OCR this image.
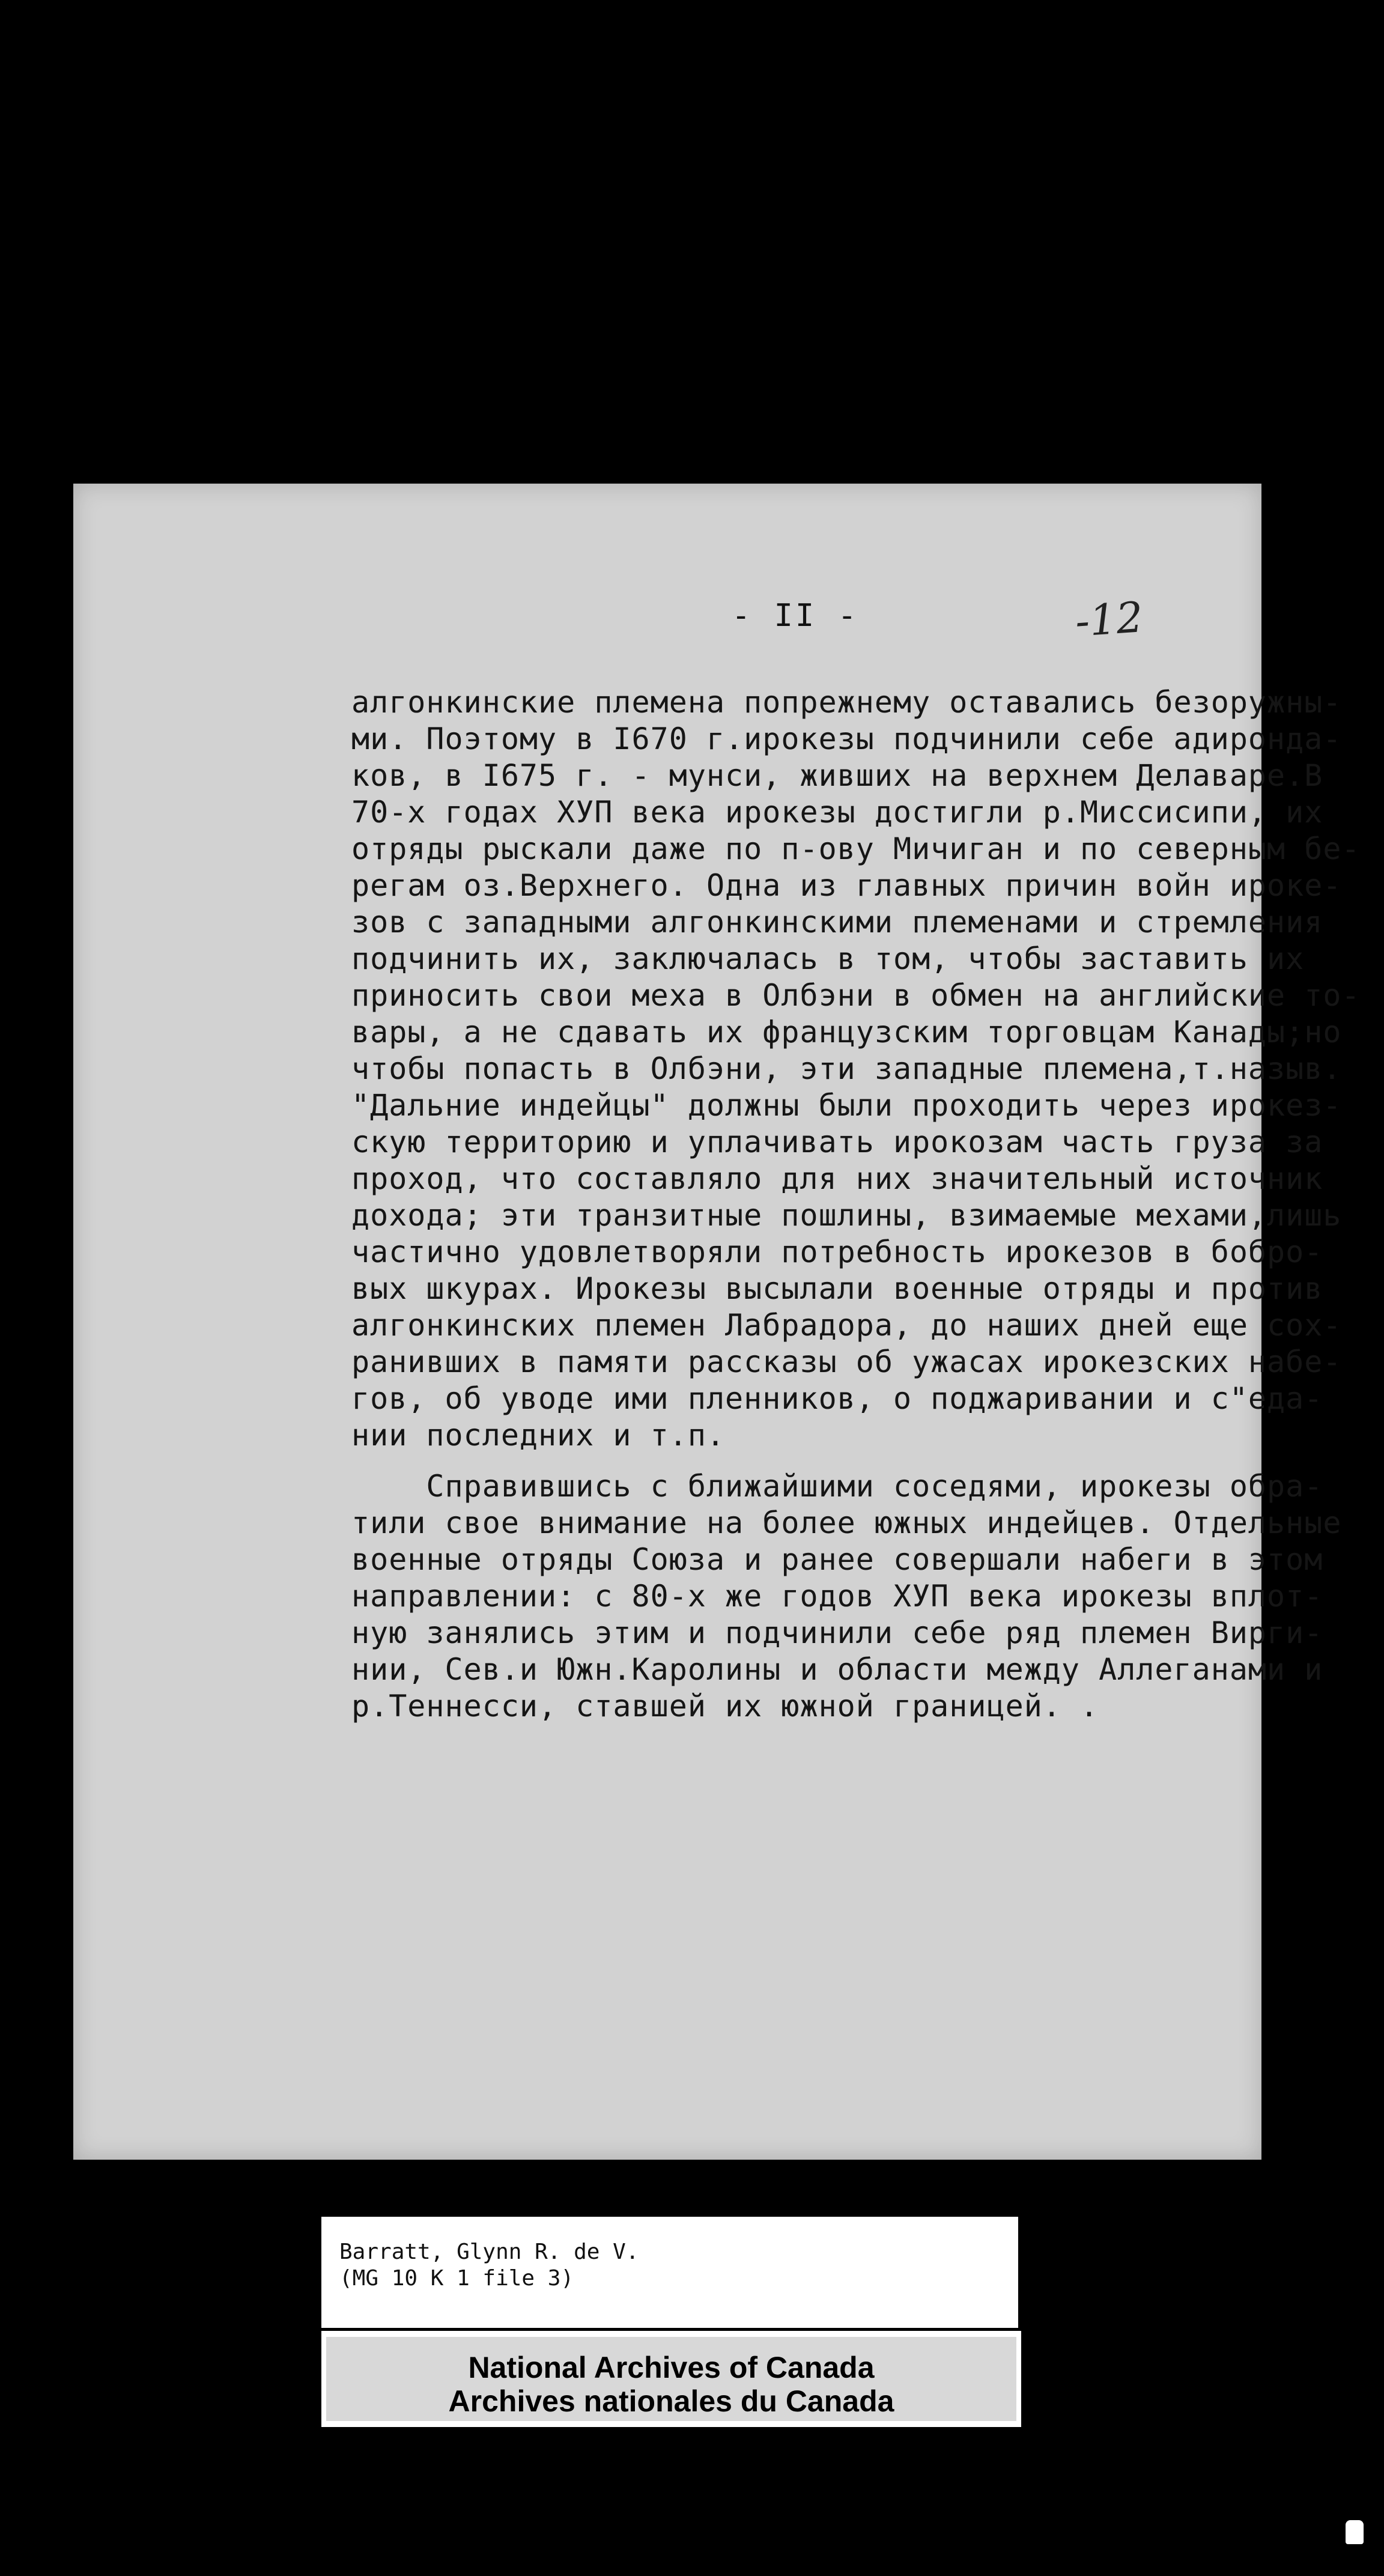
- II -	-12
алгонкинские племена попрежнему оставались безоружны-
ми. Поэтому в I670 г.ирокезы подчинили себе адиронда-
ков, в I675 г. - мунси, живших на верхнем Делаваре.В
70-х годах ХУП века ирокезы достигли р.Миссисипи, их
отряды рыскали даже по п-ову Мичиган и по северным бе-
регам оз.Верхнего. Одна из главных причин войн ироке-
зов с западными алгонкинскими племенами и стремления
подчинить их, заключалась в том, чтобы заставить их
приносить свои меха в Олбэни в обмен на английские то-
вары, а не сдавать их французским торговцам Канады;но
чтобы попасть в Олбэни, эти западные племена,т.назыв.
"Дальние индейцы" должны были проходить через ирокез-
скую территорию и уплачивать ирокозам часть груза за
проход, что составляло для них значительный источник
дохода; эти транзитные пошлины, взимаемые мехами,лишь
частично удовлетворяли потребность ирокезов в бобро-
вых шкурах. Ирокезы высылали военные отряды и против
алгонкинских племен Лабрадора, до наших дней еще сох-
ранивших в памяти рассказы об ужасах ирокезских набе-
гов, об уводе ими пленников, о поджаривании и с"еда-
нии последних и т.п.
Справившись с ближайшими соседями, ирокезы обра-
тили свое внимание на более южных индейцев. Отдельные
военные отряды Союза и ранее совершали набеги в этом
направлении: с 80-х же годов ХУП века ирокезы вплот-
ную занялись этим и подчинили себе ряд племен Вирги-
нии, Сев.и Южн.Каролины и области между Аллеганами и
р.Теннесси, ставшей их южной границей. .
Barratt, Glynn R. de V.
(MG 10 K 1 file 3)
National Archives of Canada
Archives nationales du Canada
